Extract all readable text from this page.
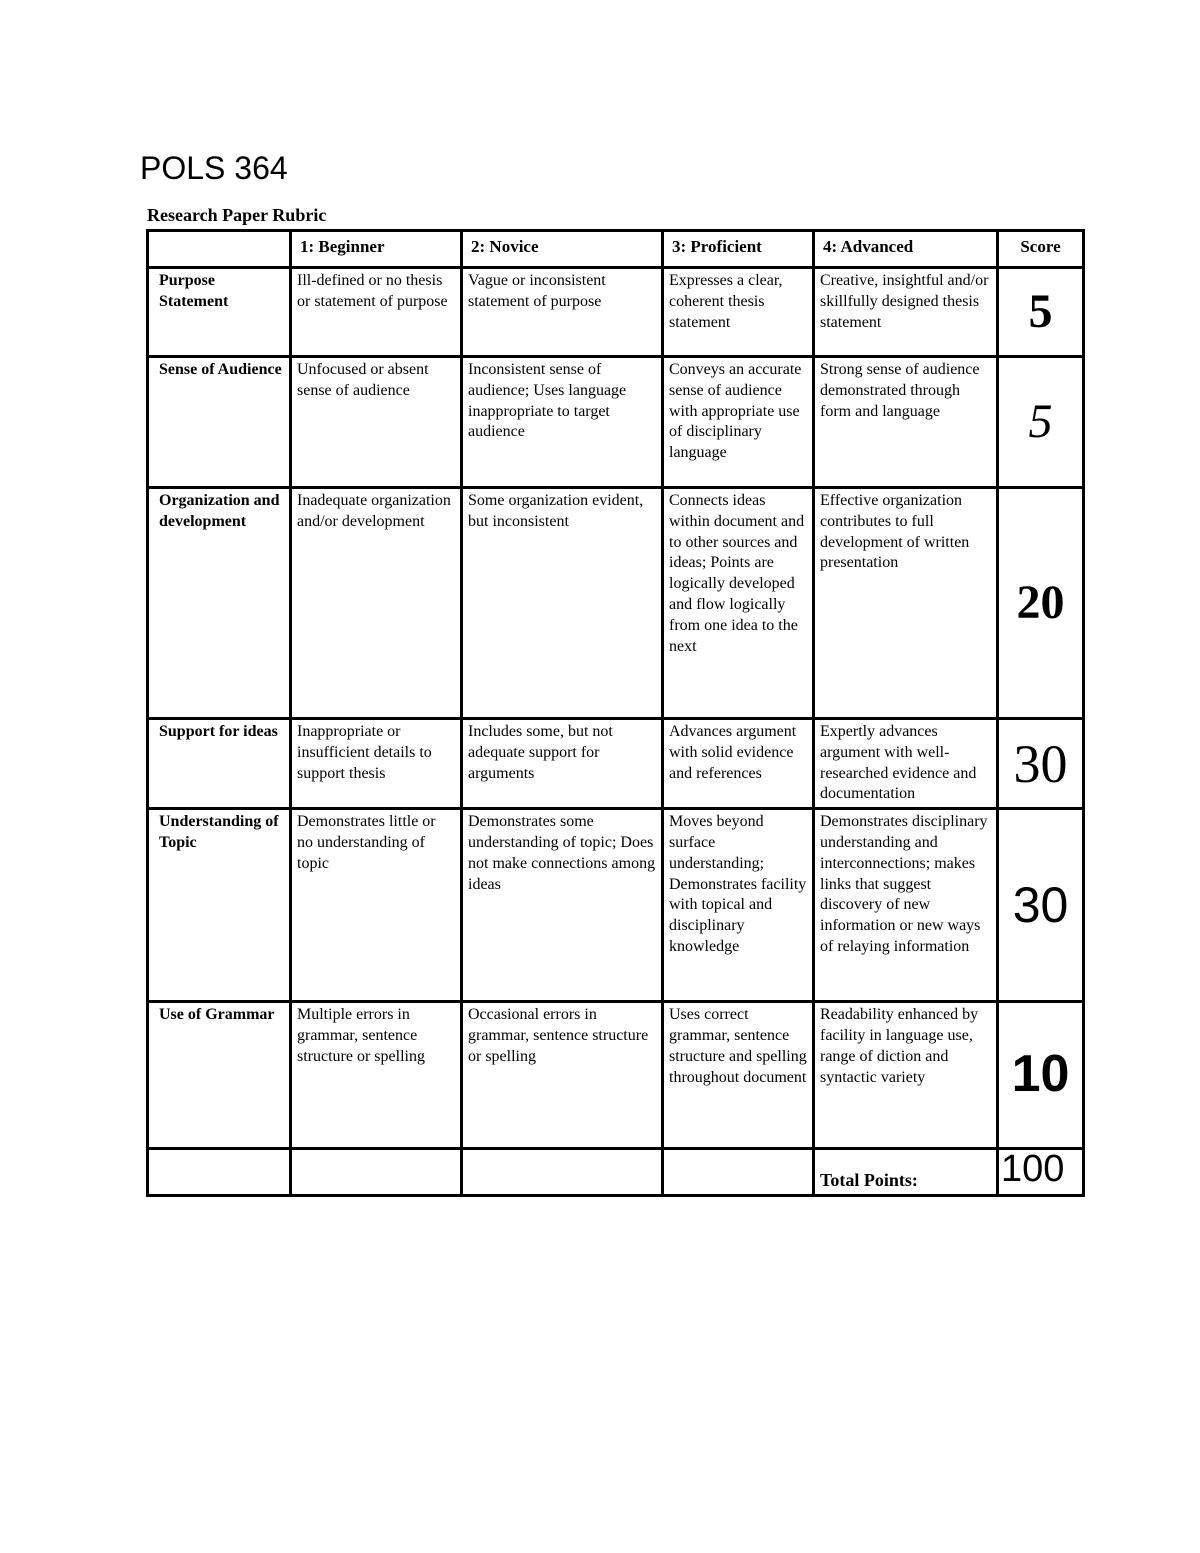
POLS 364
Research Paper Rubric
	1: Beginner	2: Novice	3: Proficient	4: Advanced	Score
Purpose Statement	Ill-defined or no thesis or statement of purpose	Vague or inconsistent statement of purpose	Expresses a clear, coherent thesis statement	Creative, insightful and/or skillfully designed thesis statement	5
Sense of Audience	Unfocused or absent sense of audience	Inconsistent sense of audience; Uses language inappropriate to target audience	Conveys an accurate sense of audience with appropriate use of disciplinary language	Strong sense of audience demonstrated through form and language	5
Organization and development	Inadequate organization and/or development	Some organization evident, but inconsistent	Connects ideas within document and to other sources and ideas; Points are logically developed and flow logically from one idea to the next	Effective organization contributes to full development of written presentation	20
Support for ideas	Inappropriate or insufficient details to support thesis	Includes some, but not adequate support for arguments	Advances argument with solid evidence and references	Expertly advances argument with well-researched evidence and documentation	30
Understanding of Topic	Demonstrates little or no understanding of topic	Demonstrates some understanding of topic; Does not make connections among ideas	Moves beyond surface understanding; Demonstrates facility with topical and disciplinary knowledge	Demonstrates disciplinary understanding and interconnections; makes links that suggest discovery of new information or new ways of relaying information	30
Use of Grammar	Multiple errors in grammar, sentence structure or spelling	Occasional errors in grammar, sentence structure or spelling	Uses correct grammar, sentence structure and spelling throughout document	Readability enhanced by facility in language use, range of diction and syntactic variety	10
				Total Points:	100
